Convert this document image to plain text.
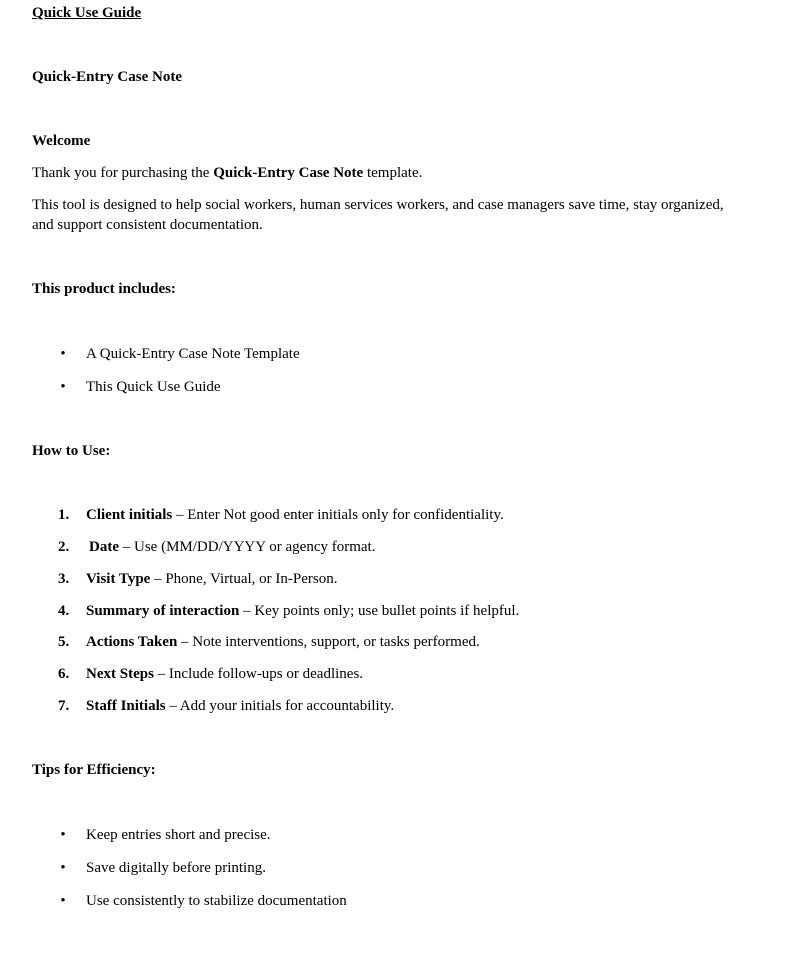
Quick Use Guide
Quick-Entry Case Note
Welcome
Thank you for purchasing the Quick-Entry Case Note template.
This tool is designed to help social workers, human services workers, and case managers save time, stay organized, and support consistent documentation.
This product includes:
• A Quick-Entry Case Note Template
• This Quick Use Guide
How to Use:
1. Client initials – Enter Not good enter initials only for confidentiality.
2. Date – Use (MM/DD/YYYY or agency format.
3. Visit Type – Phone, Virtual, or In-Person.
4. Summary of interaction – Key points only; use bullet points if helpful.
5. Actions Taken – Note interventions, support, or tasks performed.
6. Next Steps – Include follow-ups or deadlines.
7. Staff Initials – Add your initials for accountability.
Tips for Efficiency:
• Keep entries short and precise.
• Save digitally before printing.
• Use consistently to stabilize documentation
